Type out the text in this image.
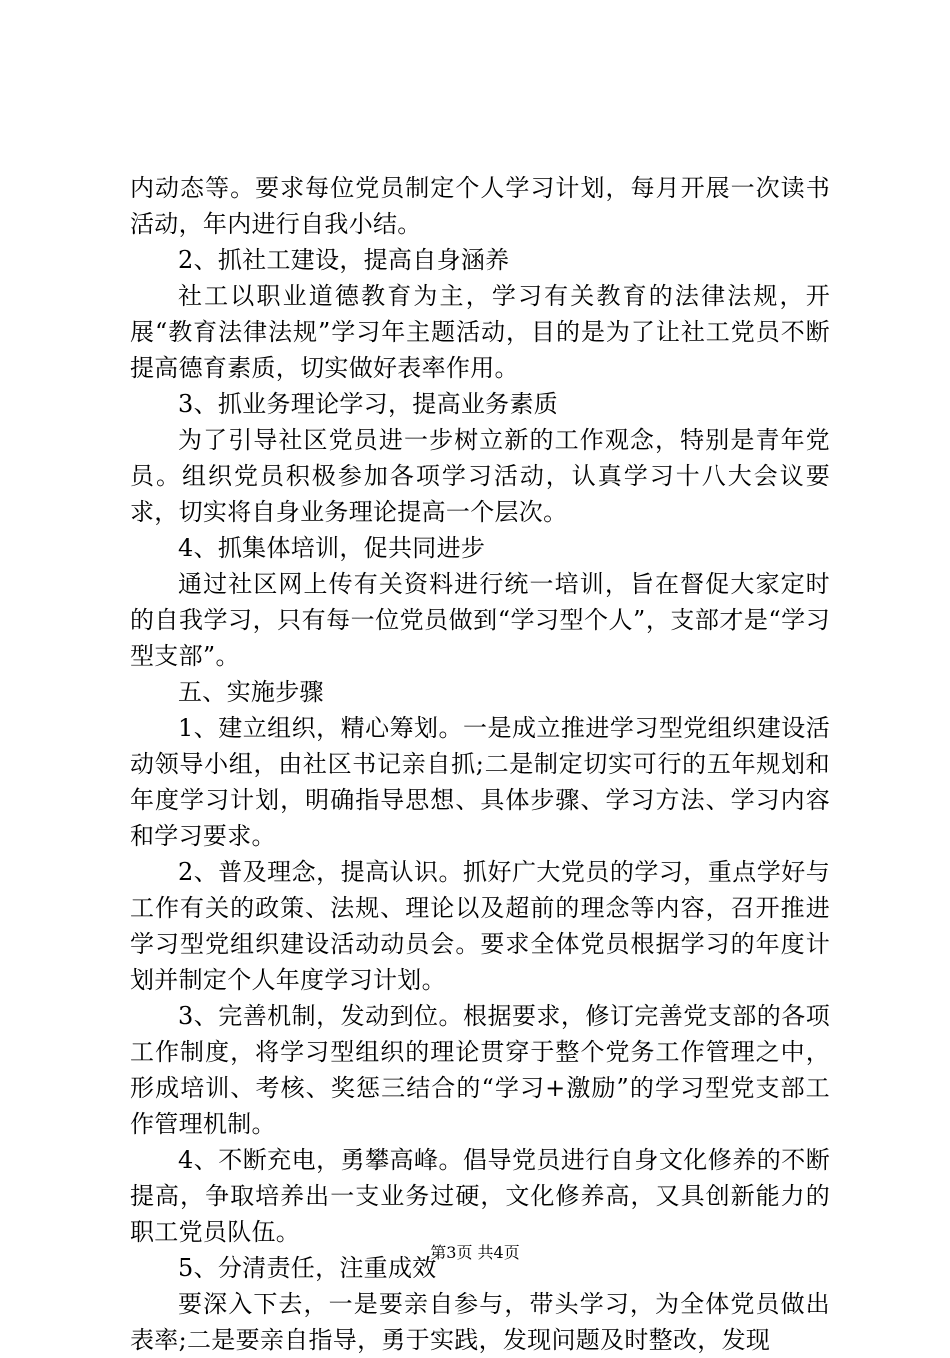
内动态等。要求每位党员制定个人学习计划，每月开展一次读书活动，年内进行自我小结。

2、抓社工建设，提高自身涵养

社工以职业道德教育为主，学习有关教育的法律法规，开展“教育法律法规”学习年主题活动，目的是为了让社工党员不断提高德育素质，切实做好表率作用。

3、抓业务理论学习，提高业务素质

为了引导社区党员进一步树立新的工作观念，特别是青年党员。组织党员积极参加各项学习活动，认真学习十八大会议要求，切实将自身业务理论提高一个层次。

4、抓集体培训，促共同进步

通过社区网上传有关资料进行统一培训，旨在督促大家定时的自我学习，只有每一位党员做到“学习型个人”，支部才是“学习型支部”。

五、实施步骤

1、建立组织，精心筹划。一是成立推进学习型党组织建设活动领导小组，由社区书记亲自抓;二是制定切实可行的五年规划和年度学习计划，明确指导思想、具体步骤、学习方法、学习内容和学习要求。

2、普及理念，提高认识。抓好广大党员的学习，重点学好与工作有关的政策、法规、理论以及超前的理念等内容，召开推进学习型党组织建设活动动员会。要求全体党员根据学习的年度计划并制定个人年度学习计划。

3、完善机制，发动到位。根据要求，修订完善党支部的各项工作制度，将学习型组织的理论贯穿于整个党务工作管理之中，形成培训、考核、奖惩三结合的“学习+激励”的学习型党支部工作管理机制。

4、不断充电，勇攀高峰。倡导党员进行自身文化修养的不断提高，争取培养出一支业务过硬，文化修养高，又具创新能力的职工党员队伍。

5、分清责任，注重成效

要深入下去，一是要亲自参与，带头学习，为全体党员做出表率;二是要亲自指导，勇于实践，发现问题及时整改，发现

第3页 共4页
